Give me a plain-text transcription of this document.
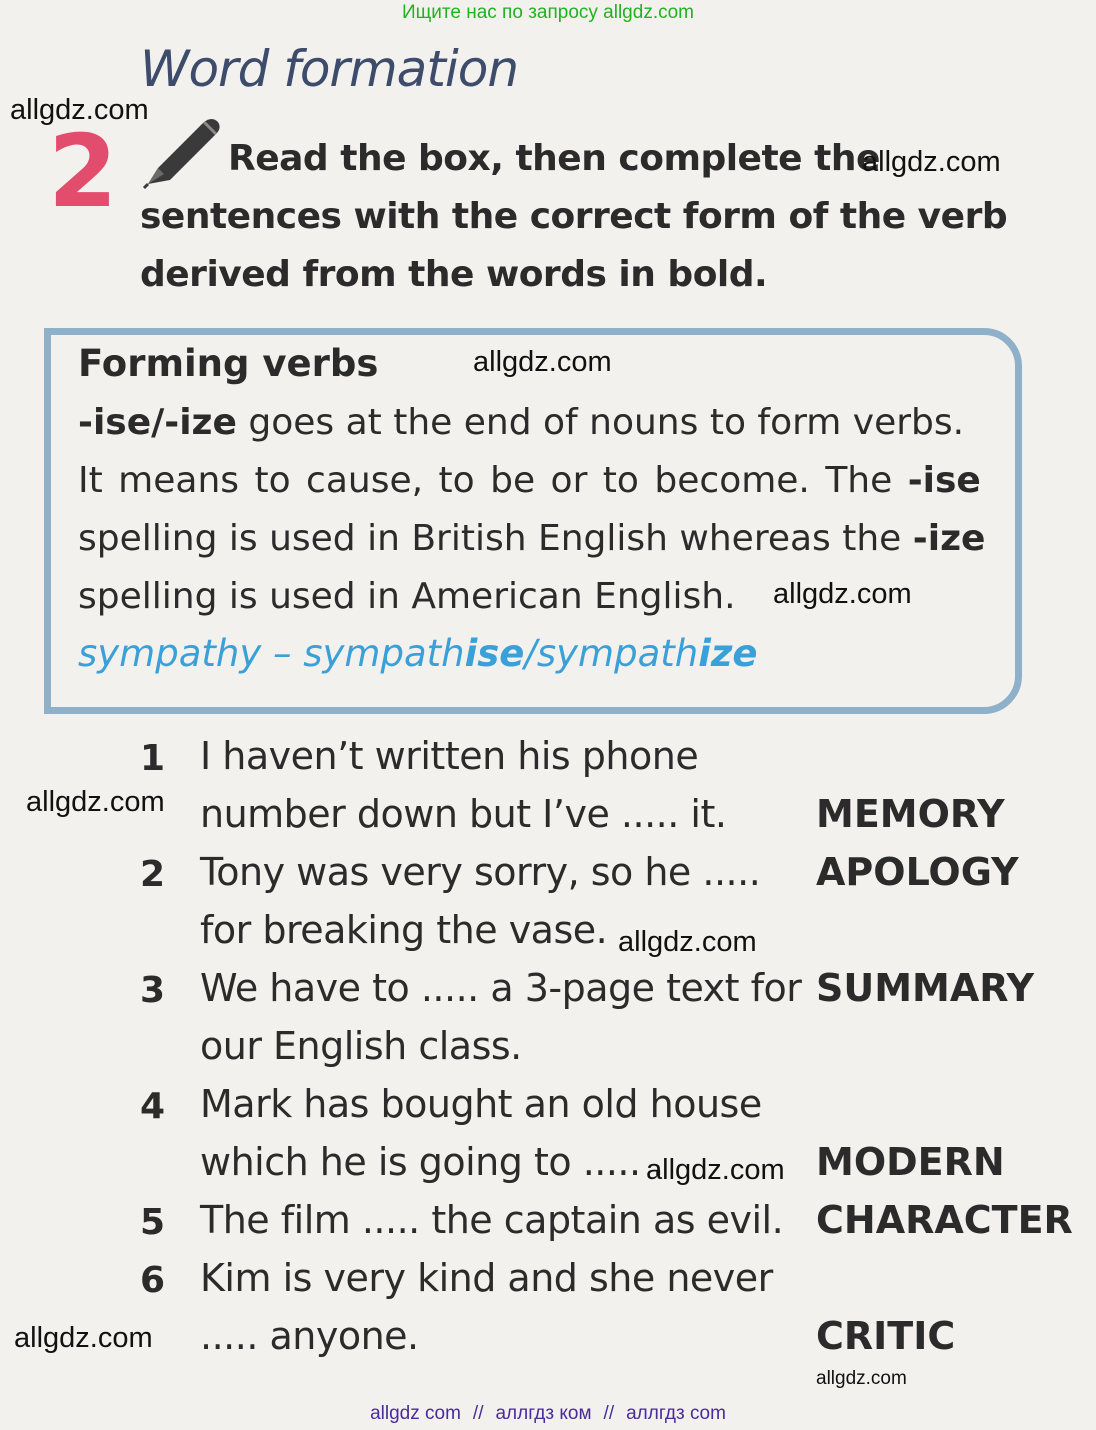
Ищите нас по запросу allgdz.com
Word formation
2	Read the box, then complete the
sentences with the correct form of the verb
derived from the words in bold.
Forming verbs
-ise/-ize goes at the end of nouns to form verbs.
It means to cause, to be or to become. The -ise
spelling is used in British English whereas the -ize
spelling is used in American English.
sympathy – sympathise/sympathize
1 I haven’t written his phone
number down but I’ve ..... it. MEMORY
2 Tony was very sorry, so he .....
for breaking the vase.
APOLOGY
3 We have to ..... a 3-page text for
our English class.
SUMMARY
4 Mark has bought an old house
which he is going to ..... .	MODERN
5 The film ..... the captain as evil. CHARACTER
6 Kim is very kind and she never
..... anyone.	CRITIC
allgdz.com
allgdz.com
allgdz.com
allgdz.com
allgdz.com
allgdz.com
allgdz.com
allgdz.com
allgdz.com
allgdz com // аллгдз ком // аллгдз com
